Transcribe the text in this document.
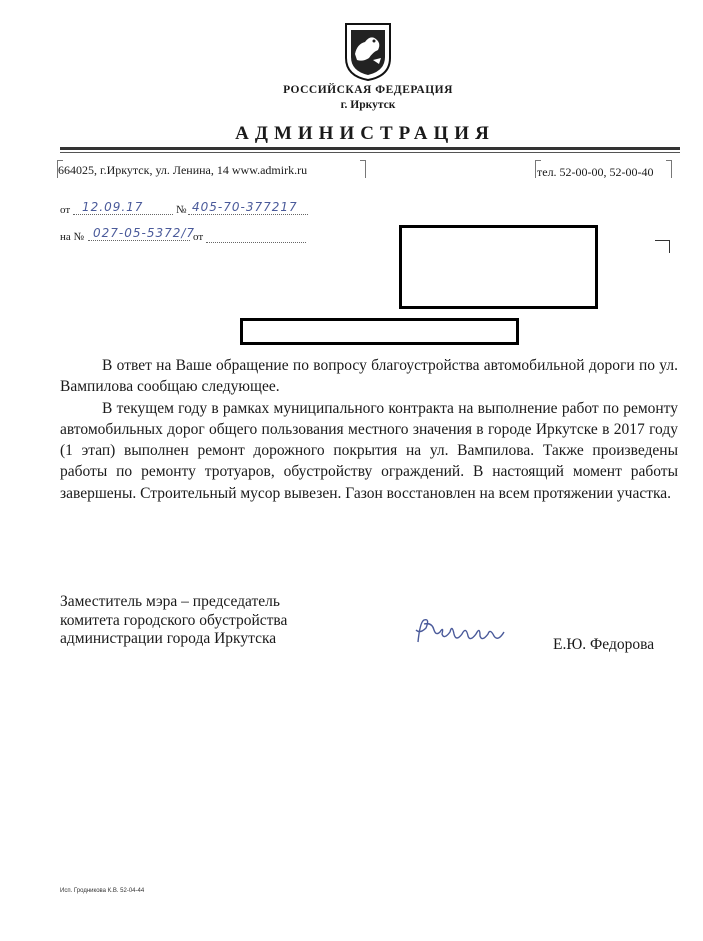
РОССИЙСКАЯ ФЕДЕРАЦИЯ
г. Иркутск
АДМИНИСТРАЦИЯ
664025, г.Иркутск, ул. Ленина, 14 www.admirk.ru	тел. 52-00-00, 52-00-40
от 12.09.17	№ 405-70-377217
на № 027-05-5372/7
от

В ответ на Ваше обращение по вопросу благоустройства автомобильной дороги по ул. Вампилова сообщаю следующее.

В текущем году в рамках муниципального контракта на выполнение работ по ремонту автомобильных дорог общего пользования местного значения в городе Иркутске в 2017 году (1 этап) выполнен ремонт дорожного покрытия на ул. Вампилова. Также произведены работы по ремонту тротуаров, обустройству ограждений. В настоящий момент работы завершены. Строительный мусор вывезен. Газон восстановлен на всем протяжении участка.

Заместитель мэра – председатель
комитета городского обустройства
администрации города Иркутска	Е.Ю. Федорова
Исп. Гродникова К.В. 52-04-44
